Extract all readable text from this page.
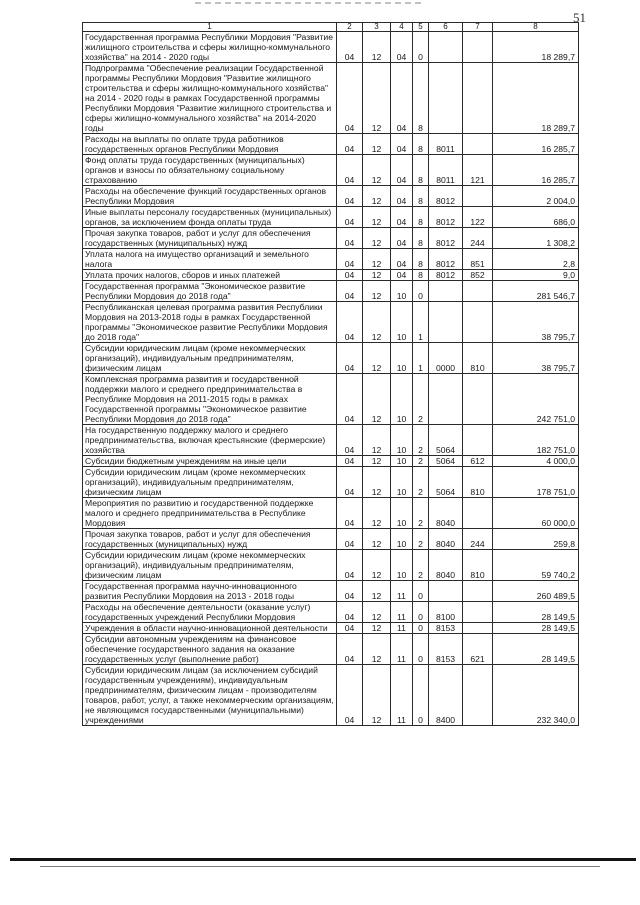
51
1	2	3	4	5	6	7	8
Государственная программа Республики Мордовия "Развитие жилищного строительства и сферы жилищно-коммунального хозяйства" на 2014 - 2020 годы	04	12	04	0			18 289,7
Подпрограмма "Обеспечение реализации Государственной программы Республики Мордовия "Развитие жилищного строительства и сферы жилищно-коммунального хозяйства" на 2014 - 2020 годы в рамках Государственной программы Республики Мордовия "Развитие жилищного строительства и сферы жилищно-коммунального хозяйства" на 2014-2020 годы	04	12	04	8			18 289,7
Расходы на выплаты по оплате труда работников государственных органов Республики Мордовия	04	12	04	8	8011		16 285,7
Фонд оплаты труда государственных (муниципальных) органов и взносы по обязательному социальному страхованию	04	12	04	8	8011	121	16 285,7
Расходы на обеспечение функций государственных органов Республики Мордовия	04	12	04	8	8012		2 004,0
Иные выплаты персоналу государственных (муниципальных) органов, за исключением фонда оплаты труда	04	12	04	8	8012	122	686,0
Прочая закупка товаров, работ и услуг для обеспечения государственных (муниципальных) нужд	04	12	04	8	8012	244	1 308,2
Уплата налога на имущество организаций и земельного налога	04	12	04	8	8012	851	2,8
Уплата прочих налогов, сборов и иных платежей	04	12	04	8	8012	852	9,0
Государственная программа "Экономическое развитие Республики Мордовия до 2018 года"	04	12	10	0			281 546,7
Республиканская целевая программа развития Республики Мордовия на 2013-2018 годы в рамках Государственной программы "Экономическое развитие Республики Мордовия до 2018 года"	04	12	10	1			38 795,7
Субсидии юридическим лицам (кроме некоммерческих организаций), индивидуальным предпринимателям, физическим лицам	04	12	10	1	0000	810	38 795,7
Комплексная программа развития и государственной поддержки малого и среднего предпринимательства в Республике Мордовия на 2011-2015 годы в рамках Государственной программы "Экономическое развитие Республики Мордовия до 2018 года"	04	12	10	2			242 751,0
На государственную поддержку малого и среднего предпринимательства, включая крестьянские (фермерские) хозяйства	04	12	10	2	5064		182 751,0
Субсидии бюджетным учреждениям на иные цели	04	12	10	2	5064	612	4 000,0
Субсидии юридическим лицам (кроме некоммерческих организаций), индивидуальным предпринимателям, физическим лицам	04	12	10	2	5064	810	178 751,0
Мероприятия по развитию и государственной поддержке малого и среднего предпринимательства в Республике Мордовия	04	12	10	2	8040		60 000,0
Прочая закупка товаров, работ и услуг для обеспечения государственных (муниципальных) нужд	04	12	10	2	8040	244	259,8
Субсидии юридическим лицам (кроме некоммерческих организаций), индивидуальным предпринимателям, физическим лицам	04	12	10	2	8040	810	59 740,2
Государственная программа научно-инновационного развития Республики Мордовия на 2013 - 2018 годы	04	12	11	0			260 489,5
Расходы на обеспечение деятельности (оказание услуг) государственных учреждений Республики Мордовия	04	12	11	0	8100		28 149,5
Учреждения в области научно-инновационной деятельности	04	12	11	0	8153		28 149,5
Субсидии автономным учреждениям на финансовое обеспечение государственного задания на оказание государственных услуг (выполнение работ)	04	12	11	0	8153	621	28 149,5
Субсидии юридическим лицам (за исключением субсидий государственным учреждениям), индивидуальным предпринимателям, физическим лицам - производителям товаров, работ, услуг, а также некоммерческим организациям, не являющимся государственными (муниципальными) учреждениями	04	12	11	0	8400		232 340,0
